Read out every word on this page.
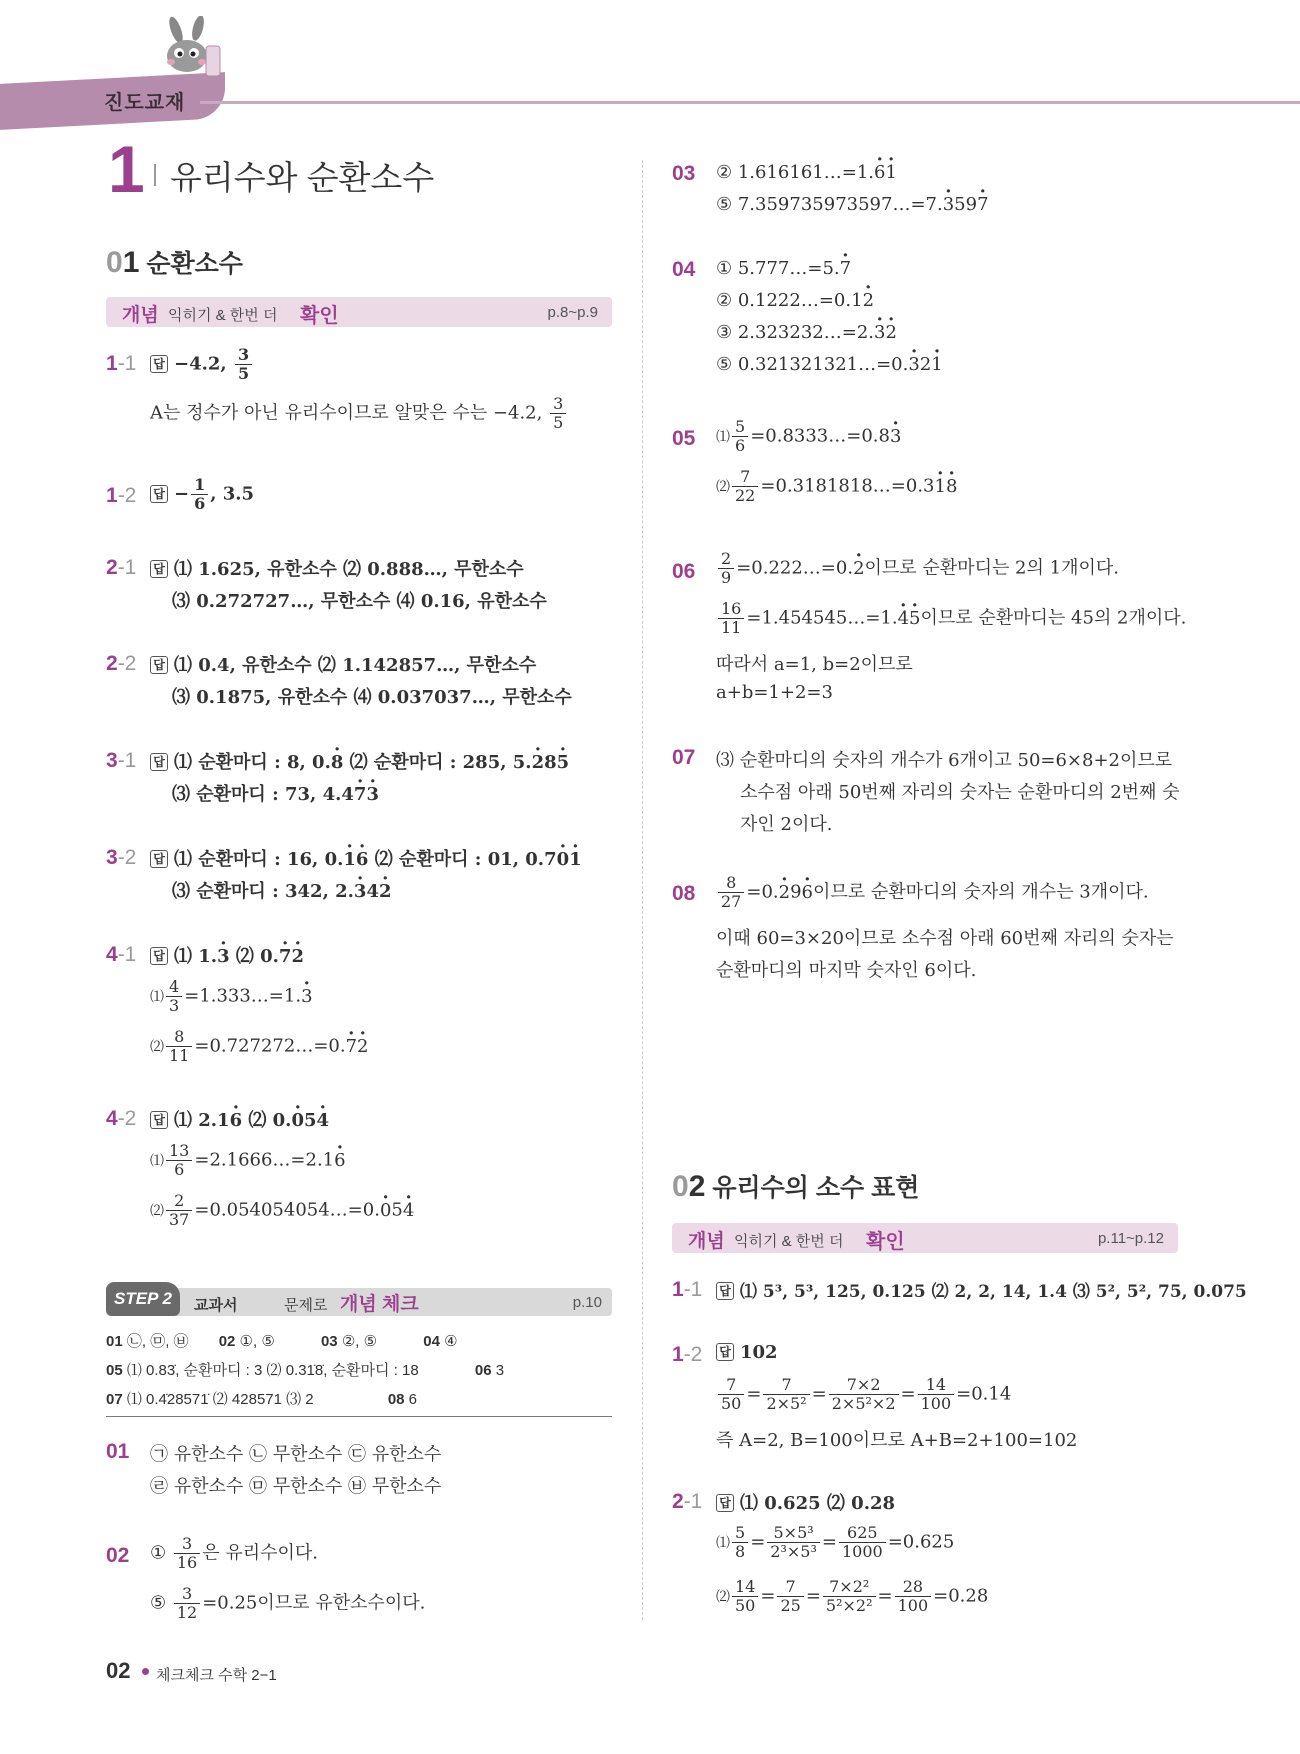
진도교재
1 유리수와 순환소수
01 순환소수
개념 익히기 & 한번 더 확인	p.8~p.9
1-1 답 −4.2, $\frac{3}{5}$
A는 정수가 아닌 유리수이므로 알맞은 수는 −4.2, $\frac{3}{5}$
1-2 답 − $\frac{1}{6}$ , 3.5
2-1 답 ⑴ 1.625, 유한소수 ⑵ 0.888…, 무한소수
⑶ 0.272727…, 무한소수 ⑷ 0.16, 유한소수
2-2 답 ⑴ 0.4, 유한소수 ⑵ 1.142857…, 무한소수
⑶ 0.1875, 유한소수 ⑷ 0.037037…, 무한소수
3-1 답 ⑴ 순환마디 : 8, 0.· 8 ⑵ 순환마디 : 285, 5.· 28· 5
⑶ 순환마디 : 73, 4.4· 7· 3
3-2 답 ⑴ 순환마디 : 16, 0.· 1· 6 ⑵ 순환마디 : 01, 0.7· 0· 1
⑶ 순환마디 : 342, 2.· 34· 2
4-1 답 ⑴ 1.· 3 ⑵ 0.· 7· 2
⑴ $\frac{4}{3}$ =1.333…=1.· 3
⑵ $\frac{8}{11}$ =0.727272…=0.· 7· 2
4-2 답 ⑴ 2.1· 6 ⑵ 0.· 05· 4
⑴ $\frac{13}{6}$ =2.1666…=2.1· 6
⑵ $\frac{2}{37}$ =0.054054054…=0.· 05· 4
STEP 2	교과서	문제로 개념 체크	p.10
01 ㉡, ㉤, ㉥ 02 ①, ⑤	03 ②, ⑤	04 ④
05 ⑴ 0.83̇, 순환마디 : 3 ⑵ 0.31̇8̇, 순환마디 : 18	06 3
07 ⑴ 0.4̇28571̇ ⑵ 428571 ⑶ 2	08 6
01 ㉠ 유한소수 ㉡ 무한소수 ㉢ 유한소수
㉣ 유한소수 ㉤ 무한소수 ㉥ 무한소수
02 ① $\frac{3}{16}$ 은 유리수이다.
⑤ $\frac{3}{12} =0.25$이므로 유한소수이다.
03 ② 1.616161…=1.· 6· 1
⑤ 7.359735973597…=7.· 359· 7
04 ① 5.777…=5.· 7
② 0.1222…=0.1· 2
③ 2.323232…=2.· 3· 2
⑤ 0.321321321…=0.· 32· 1
05 ⑴ $\frac{5}{6}$ =0.8333…=0.8· 3
⑵ $\frac{7}{22}$ =0.3181818…=0.3· 1· 8
$06 \frac{2}{9}$ =0.222…=0.· 2이므로 순환마디는 2의 1개이다.
$\frac{16}{11}$ =1.454545…=1.· 4· 5이므로 순환마디는 45의 2개이다.
따라서 a=1, b=2이므로
a+b=1+2=3
07 ⑶ 순환마디의 숫자의 개수가 6개이고 50=6×8+2이므로
소수점 아래 50번째 자리의 숫자는 순환마디의 2번째 숫
자인 2이다.
$08 \frac{8}{27} =0.\cdot 29\cdot 6$이므로 순환마디의 숫자의 개수는 3개이다.
이때 60=3×20이므로 소수점 아래 60번째 자리의 숫자는
순환마디의 마지막 숫자인 6이다.
02 유리수의 소수 표현
개념 익히기 & 한번 더 확인	p.11~p.12
1-1 답 ⑴ 5³, 5³, 125, 0.125 ⑵ 2, 2, 14, 1.4 ⑶ 5², 5², 75, 0.075
1-2 답 102
$\frac{7}{50} = \frac{7}{\text{2×5²}} = \frac{7\times 2}{\text{2×5²×2}} = \frac{14}{100} =0.14$
즉 A=2, B=100이므로 A+B=2+100=102
2-1 답 ⑴ 0.625 ⑵ 0.28
⑴ $\frac{5}{8} = \frac{\text{5×5³}}{\text{2³×5³}} = \frac{625}{1000} =0.625$
⑵ $\frac{14}{50} = \frac{7}{25} = \frac{\text{7×2²}}{\text{5²×2²}} = \frac{28}{100} =0.28$
02 체크체크 수학 2−1
